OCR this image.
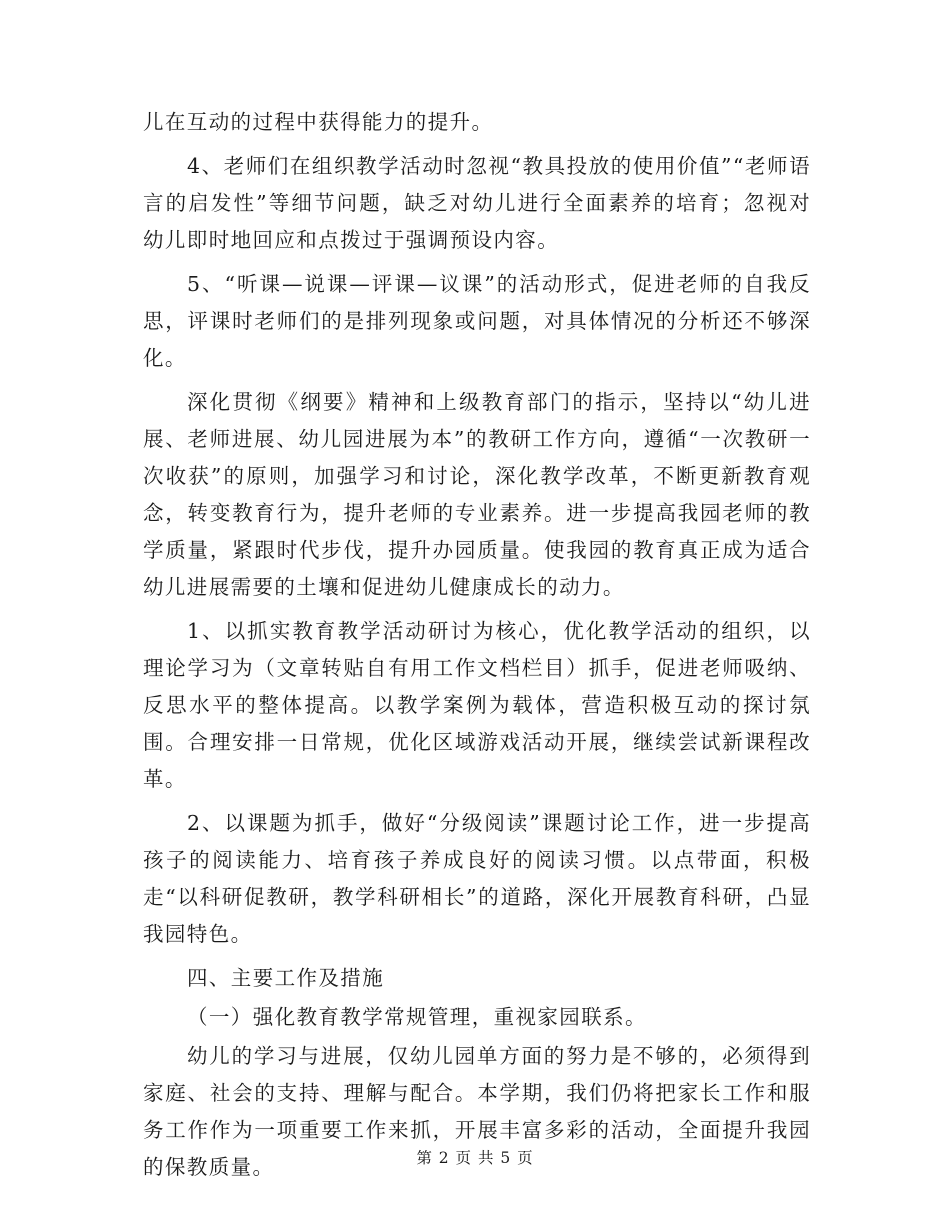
儿在互动的过程中获得能力的提升。

4、老师们在组织教学活动时忽视“教具投放的使用价值”“老师语言的启发性”等细节问题，缺乏对幼儿进行全面素养的培育；忽视对幼儿即时地回应和点拨过于强调预设内容。

5、“听课—说课—评课—议课”的活动形式，促进老师的自我反思，评课时老师们的是排列现象或问题，对具体情况的分析还不够深化。

深化贯彻《纲要》精神和上级教育部门的指示，坚持以“幼儿进展、老师进展、幼儿园进展为本”的教研工作方向，遵循“一次教研一次收获”的原则，加强学习和讨论，深化教学改革，不断更新教育观念，转变教育行为，提升老师的专业素养。进一步提高我园老师的教学质量，紧跟时代步伐，提升办园质量。使我园的教育真正成为适合幼儿进展需要的土壤和促进幼儿健康成长的动力。

1、以抓实教育教学活动研讨为核心，优化教学活动的组织，以理论学习为（文章转贴自有用工作文档栏目）抓手，促进老师吸纳、反思水平的整体提高。以教学案例为载体，营造积极互动的探讨氛围。合理安排一日常规，优化区域游戏活动开展，继续尝试新课程改革。

2、以课题为抓手，做好“分级阅读”课题讨论工作，进一步提高孩子的阅读能力、培育孩子养成良好的阅读习惯。以点带面，积极走“以科研促教研，教学科研相长”的道路，深化开展教育科研，凸显我园特色。

四、主要工作及措施

（一）强化教育教学常规管理，重视家园联系。

幼儿的学习与进展，仅幼儿园单方面的努力是不够的，必须得到家庭、社会的支持、理解与配合。本学期，我们仍将把家长工作和服务工作作为一项重要工作来抓，开展丰富多彩的活动，全面提升我园的保教质量。	第 2 页 共 5 页
